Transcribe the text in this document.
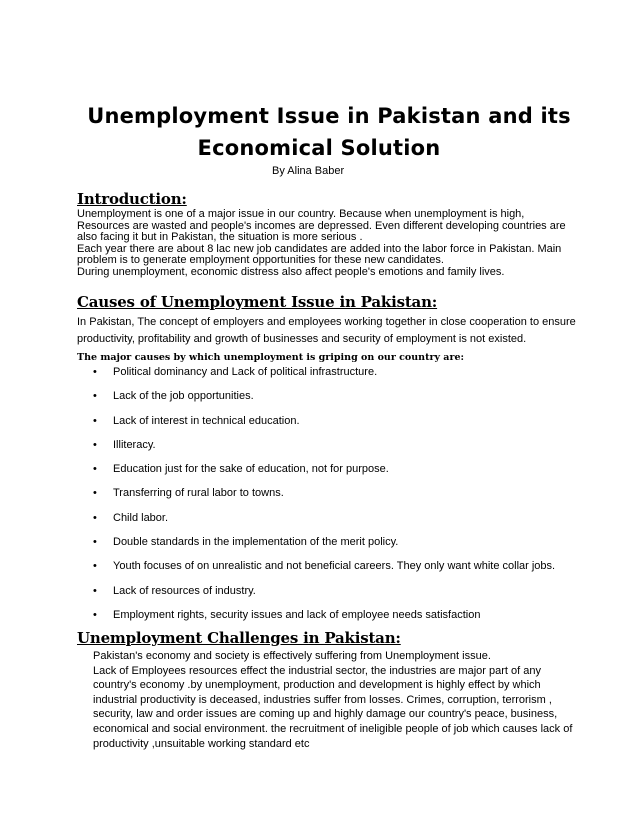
Unemployment Issue in Pakistan and its
Economical Solution
By Alina Baber
Introduction:
Unemployment is one of a major issue in our country. Because when unemployment is high,
Resources are wasted and people's incomes are depressed. Even different developing countries are
also facing it but in Pakistan, the situation is more serious .
Each year there are about 8 lac new job candidates are added into the labor force in Pakistan. Main
problem is to generate employment opportunities for these new candidates.
During unemployment, economic distress also affect people's emotions and family lives.
Causes of Unemployment Issue in Pakistan:
In Pakistan, The concept of employers and employees working together in close cooperation to ensure
productivity, profitability and growth of businesses and security of employment is not existed.
The major causes by which unemployment is griping on our country are:
•	Political dominancy and Lack of political infrastructure.
•	Lack of the job opportunities.
•	Lack of interest in technical education.
•	Illiteracy.
•	Education just for the sake of education, not for purpose.
•	Transferring of rural labor to towns.
•	Child labor.
•	Double standards in the implementation of the merit policy.
•	Youth focuses of on unrealistic and not beneficial careers. They only want white collar jobs.
•	Lack of resources of industry.
•	Employment rights, security issues and lack of employee needs satisfaction
Unemployment Challenges in Pakistan:
Pakistan's economy and society is effectively suffering from Unemployment issue.
Lack of Employees resources effect the industrial sector, the industries are major part of any
country's economy .by unemployment, production and development is highly effect by which
industrial productivity is deceased, industries suffer from losses. Crimes, corruption, terrorism ,
security, law and order issues are coming up and highly damage our country's peace, business,
economical and social environment. the recruitment of ineligible people of job which causes lack of
productivity ,unsuitable working standard etc
